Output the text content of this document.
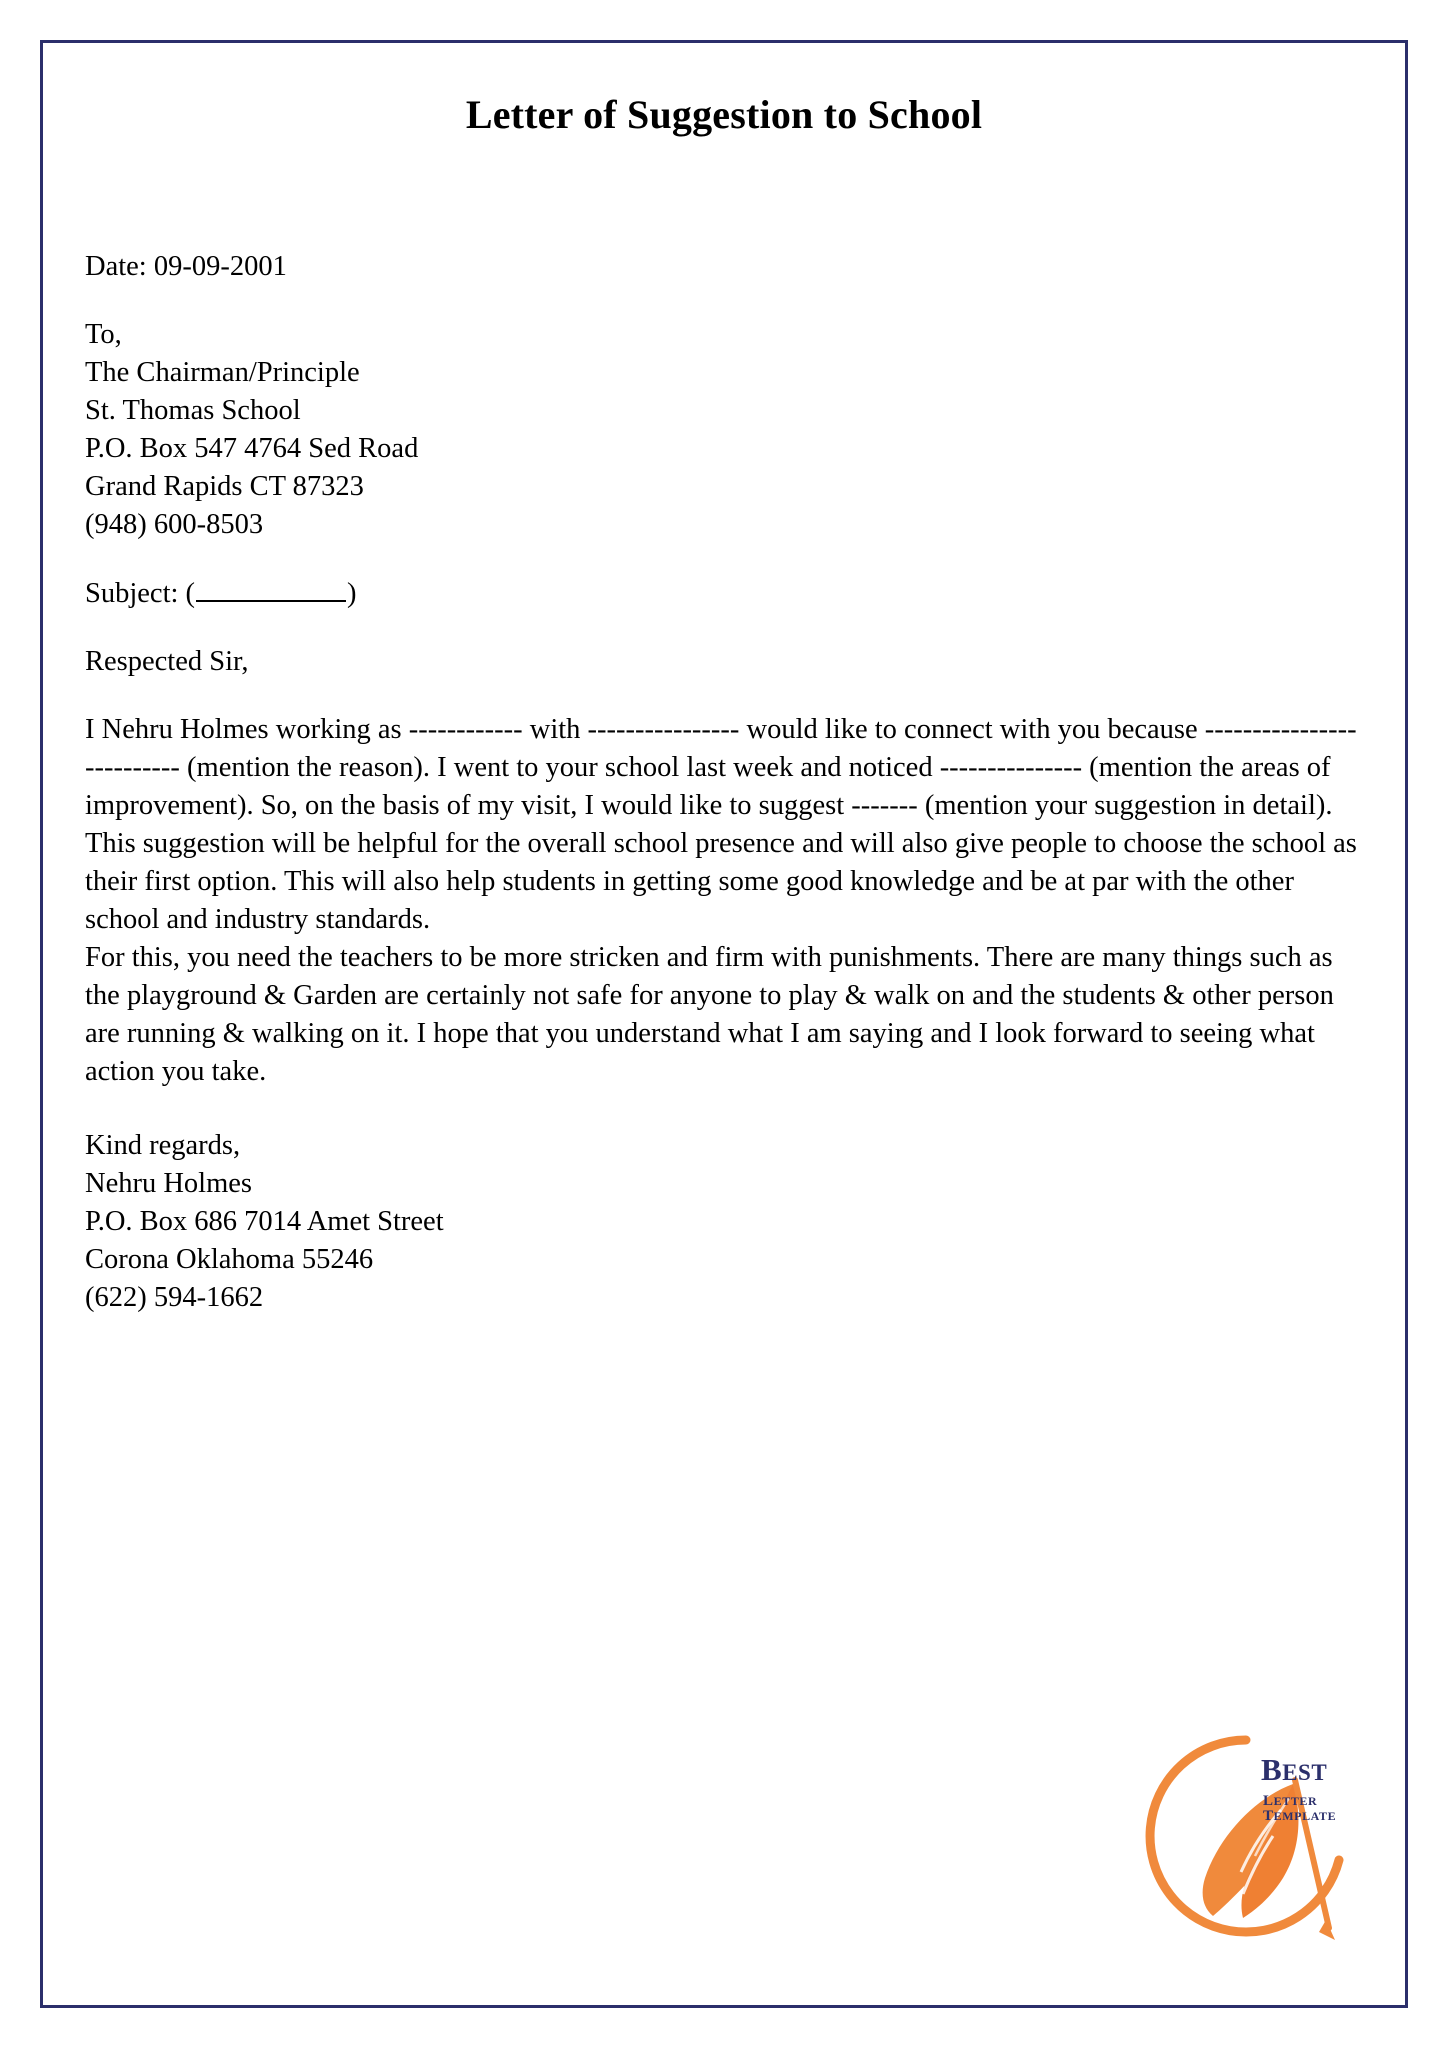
Letter of Suggestion to School
Date: 09-09-2001
To,
The Chairman/Principle
St. Thomas School
P.O. Box 547 4764 Sed Road
Grand Rapids CT 87323
(948) 600-8503
Subject: (	)
Respected Sir,

I Nehru Holmes working as ------------ with ---------------- would like to connect with you because -------------------------- (mention the reason). I went to your school last week and noticed --------------- (mention the areas of improvement). So, on the basis of my visit, I would like to suggest ------- (mention your suggestion in detail). This suggestion will be helpful for the overall school presence and will also give people to choose the school as their first option. This will also help students in getting some good knowledge and be at par with the other school and industry standards.

For this, you need the teachers to be more stricken and firm with punishments. There are many things such as the playground & Garden are certainly not safe for anyone to play & walk on and the students & other person are running & walking on it. I hope that you understand what I am saying and I look forward to seeing what action you take.

Kind regards,
Nehru Holmes
P.O. Box 686 7014 Amet Street
Corona Oklahoma 55246
(622) 594-1662
BEST
LETTER TEMPLATE
